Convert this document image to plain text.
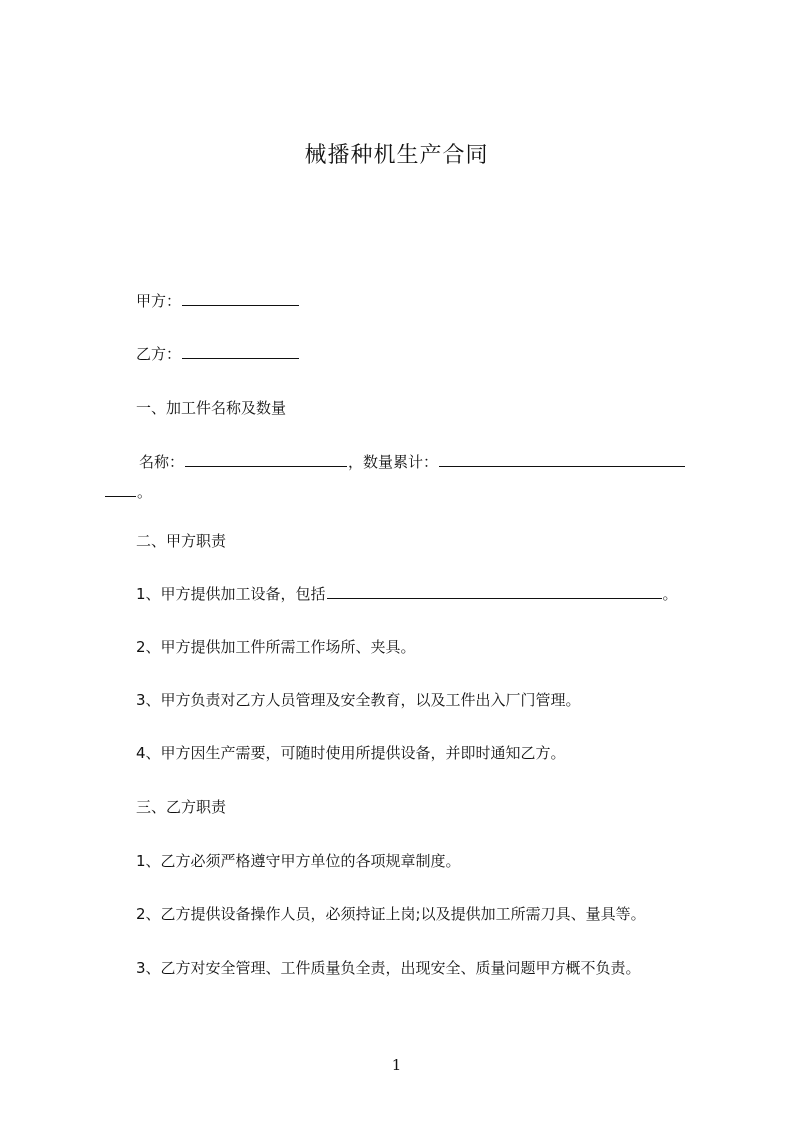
械播种机生产合同
甲方：
乙方：
一、加工件名称及数量
名称：	，数量累计：
。
二、甲方职责
1、甲方提供加工设备，包括	。
2、甲方提供加工件所需工作场所、夹具。
3、甲方负责对乙方人员管理及安全教育，以及工件出入厂门管理。
4、甲方因生产需要，可随时使用所提供设备，并即时通知乙方。
三、乙方职责
1、乙方必须严格遵守甲方单位的各项规章制度。
2、乙方提供设备操作人员，必须持证上岗;以及提供加工所需刀具、量具等。
3、乙方对安全管理、工件质量负全责，出现安全、质量问题甲方概不负责。
1
